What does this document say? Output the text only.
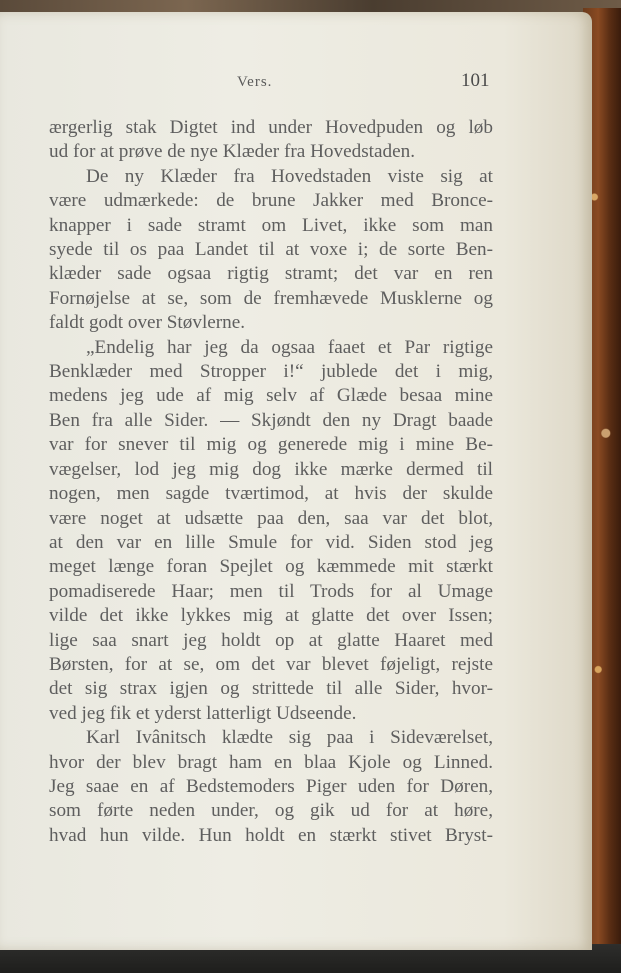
Vers.	101
ærgerlig stak Digtet ind under Hovedpuden og løb
ud for at prøve de nye Klæder fra Hovedstaden.
De ny Klæder fra Hovedstaden viste sig at
være udmærkede: de brune Jakker med Bronce-
knapper i sade stramt om Livet, ikke som man
syede til os paa Landet til at voxe i; de sorte Ben-
klæder sade ogsaa rigtig stramt; det var en ren
Fornøjelse at se, som de fremhævede Musklerne og
faldt godt over Støvlerne.
„Endelig har jeg da ogsaa faaet et Par rigtige
Benklæder med Stropper i!“ jublede det i mig,
medens jeg ude af mig selv af Glæde besaa mine
Ben fra alle Sider. — Skjøndt den ny Dragt baade
var for snever til mig og generede mig i mine Be-
vægelser, lod jeg mig dog ikke mærke dermed til
nogen, men sagde tværtimod, at hvis der skulde
være noget at udsætte paa den, saa var det blot,
at den var en lille Smule for vid. Siden stod jeg
meget længe foran Spejlet og kæmmede mit stærkt
pomadiserede Haar; men til Trods for al Umage
vilde det ikke lykkes mig at glatte det over Issen;
lige saa snart jeg holdt op at glatte Haaret med
Børsten, for at se, om det var blevet føjeligt, rejste
det sig strax igjen og strittede til alle Sider, hvor-
ved jeg fik et yderst latterligt Udseende.
Karl Ivânitsch klædte sig paa i Sideværelset,
hvor der blev bragt ham en blaa Kjole og Linned.
Jeg saae en af Bedstemoders Piger uden for Døren,
som førte neden under, og gik ud for at høre,
hvad hun vilde. Hun holdt en stærkt stivet Bryst-
